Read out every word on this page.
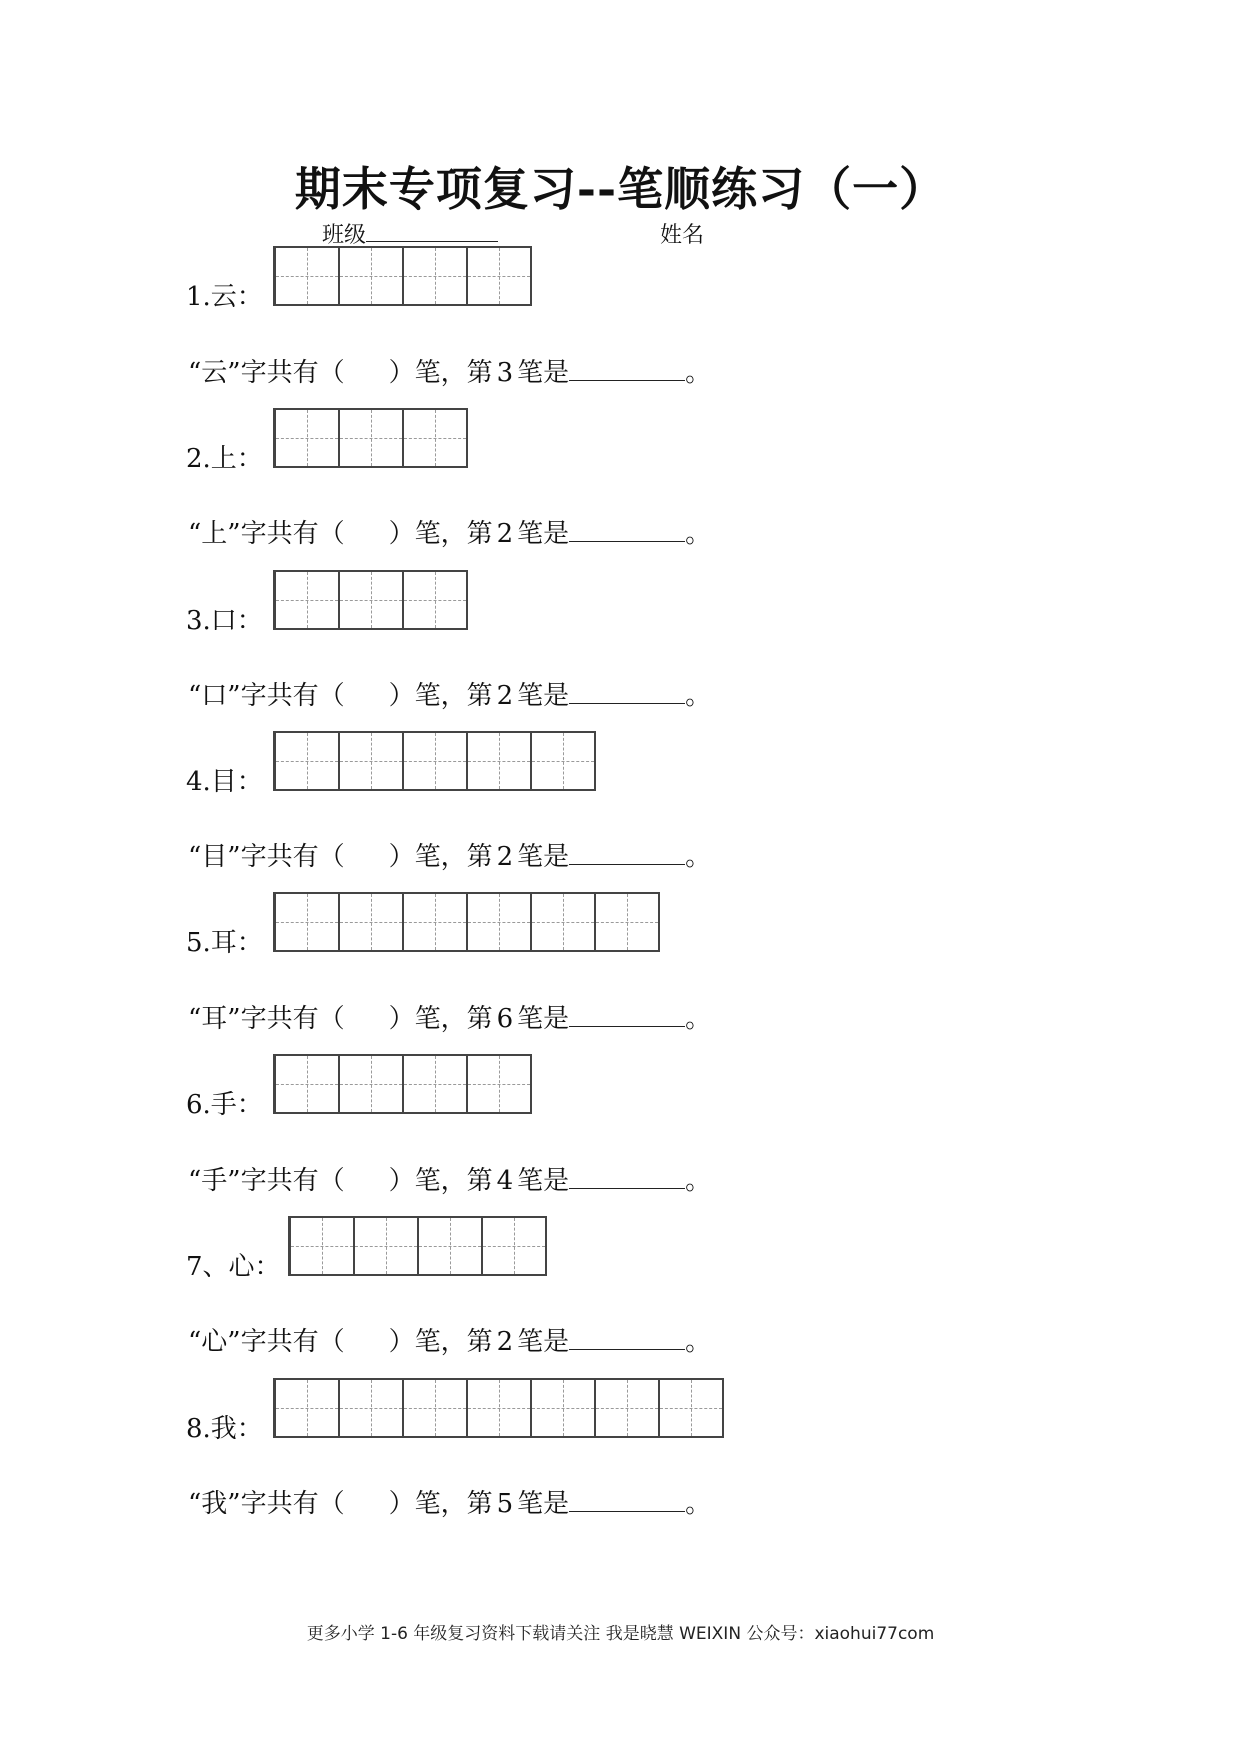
期末专项复习--笔顺练习（一）
班级	姓名
1.云：
“云”字共有（ ）笔，第 3 笔是	。
2.上：
“上”字共有（ ）笔，第 2 笔是	。
3.口：
“口”字共有（ ）笔，第 2 笔是	。
4.目：
“目”字共有（ ）笔，第 2 笔是	。
5.耳：
“耳”字共有（ ）笔，第 6 笔是	。
6.手：
“手”字共有（ ）笔，第 4 笔是	。
7、心：
“心”字共有（ ）笔，第 2 笔是	。
8.我：
“我”字共有（ ）笔，第 5 笔是	。
更多小学 1-6 年级复习资料下载请关注 我是晓慧 WEIXIN 公众号：xiaohui77com
